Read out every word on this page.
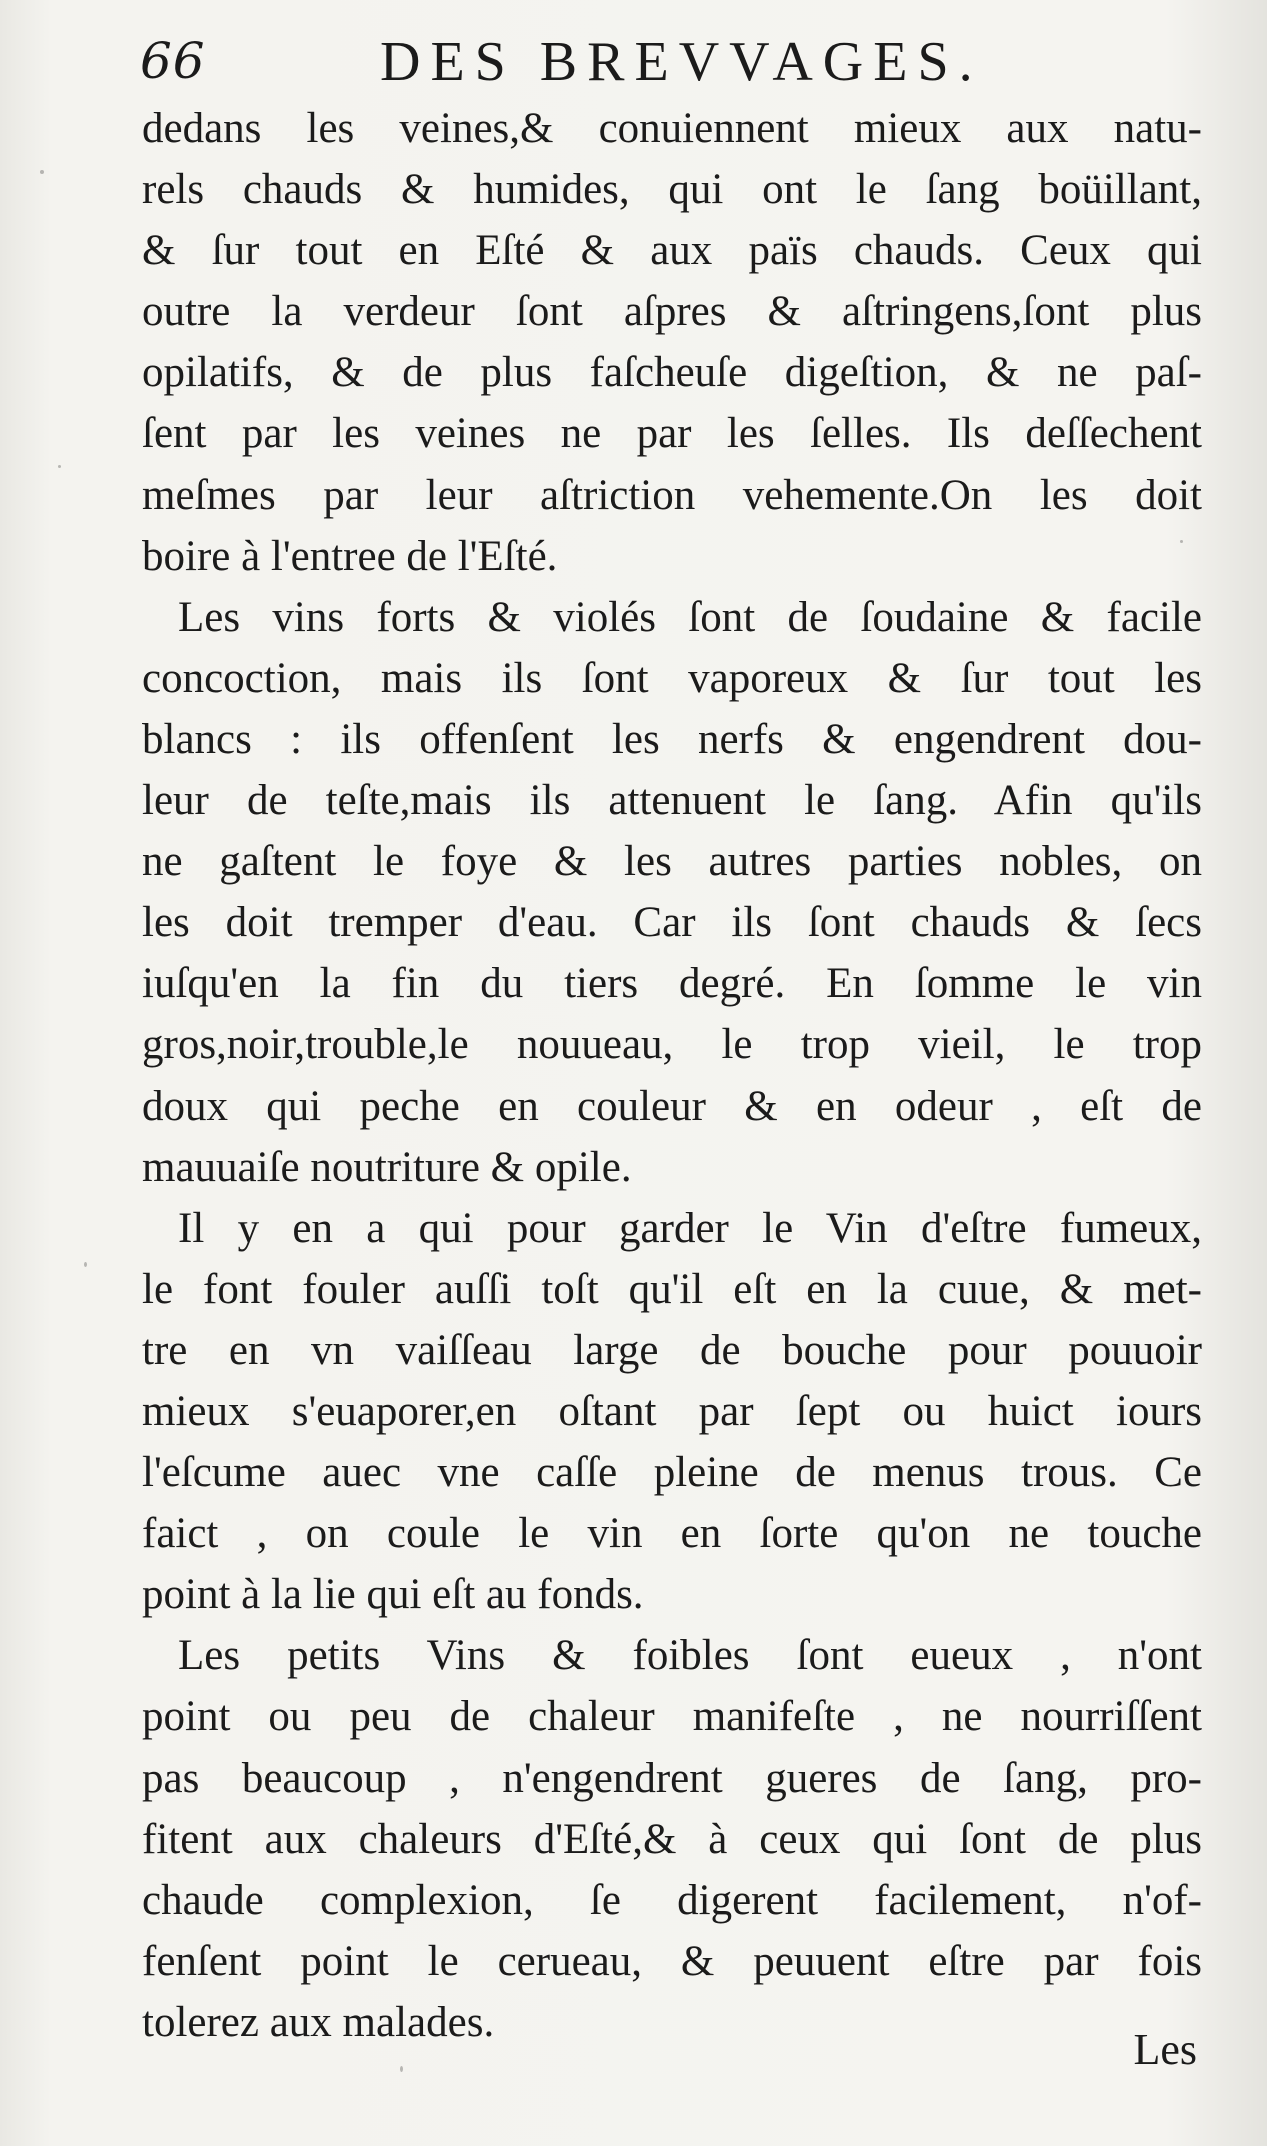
66	DES BREVVAGES.
dedans les veines,& conuiennent mieux aux natu-
rels chauds & humides, qui ont le ſang boüillant,
& ſur tout en Eſté & aux païs chauds. Ceux qui
outre la verdeur ſont aſpres & aſtringens,ſont plus
opilatifs, & de plus faſcheuſe digeſtion, & ne paſ-
ſent par les veines ne par les ſelles. Ils deſſechent
meſmes par leur aſtriction vehemente.On les doit
boire à l'entree de l'Eſté.
Les vins forts & violés ſont de ſoudaine & facile
concoction, mais ils ſont vaporeux & ſur tout les
blancs : ils offenſent les nerfs & engendrent dou-
leur de teſte,mais ils attenuent le ſang. Afin qu'ils
ne gaſtent le foye & les autres parties nobles, on
les doit tremper d'eau. Car ils ſont chauds & ſecs
iuſqu'en la fin du tiers degré. En ſomme le vin
gros,noir,trouble,le nouueau, le trop vieil, le trop
doux qui peche en couleur & en odeur , eſt de
mauuaiſe noutriture & opile.
Il y en a qui pour garder le Vin d'eſtre fumeux,
le font fouler auſſi toſt qu'il eſt en la cuue, & met-
tre en vn vaiſſeau large de bouche pour pouuoir
mieux s'euaporer,en oſtant par ſept ou huict iours
l'eſcume auec vne caſſe pleine de menus trous. Ce
faict , on coule le vin en ſorte qu'on ne touche
point à la lie qui eſt au fonds.
Les petits Vins & foibles ſont eueux , n'ont
point ou peu de chaleur manifeſte , ne nourriſſent
pas beaucoup , n'engendrent gueres de ſang, pro-
fitent aux chaleurs d'Eſté,& à ceux qui ſont de plus
chaude complexion, ſe digerent facilement, n'of-
fenſent point le cerueau, & peuuent eſtre par fois
tolerez aux malades.
Les
